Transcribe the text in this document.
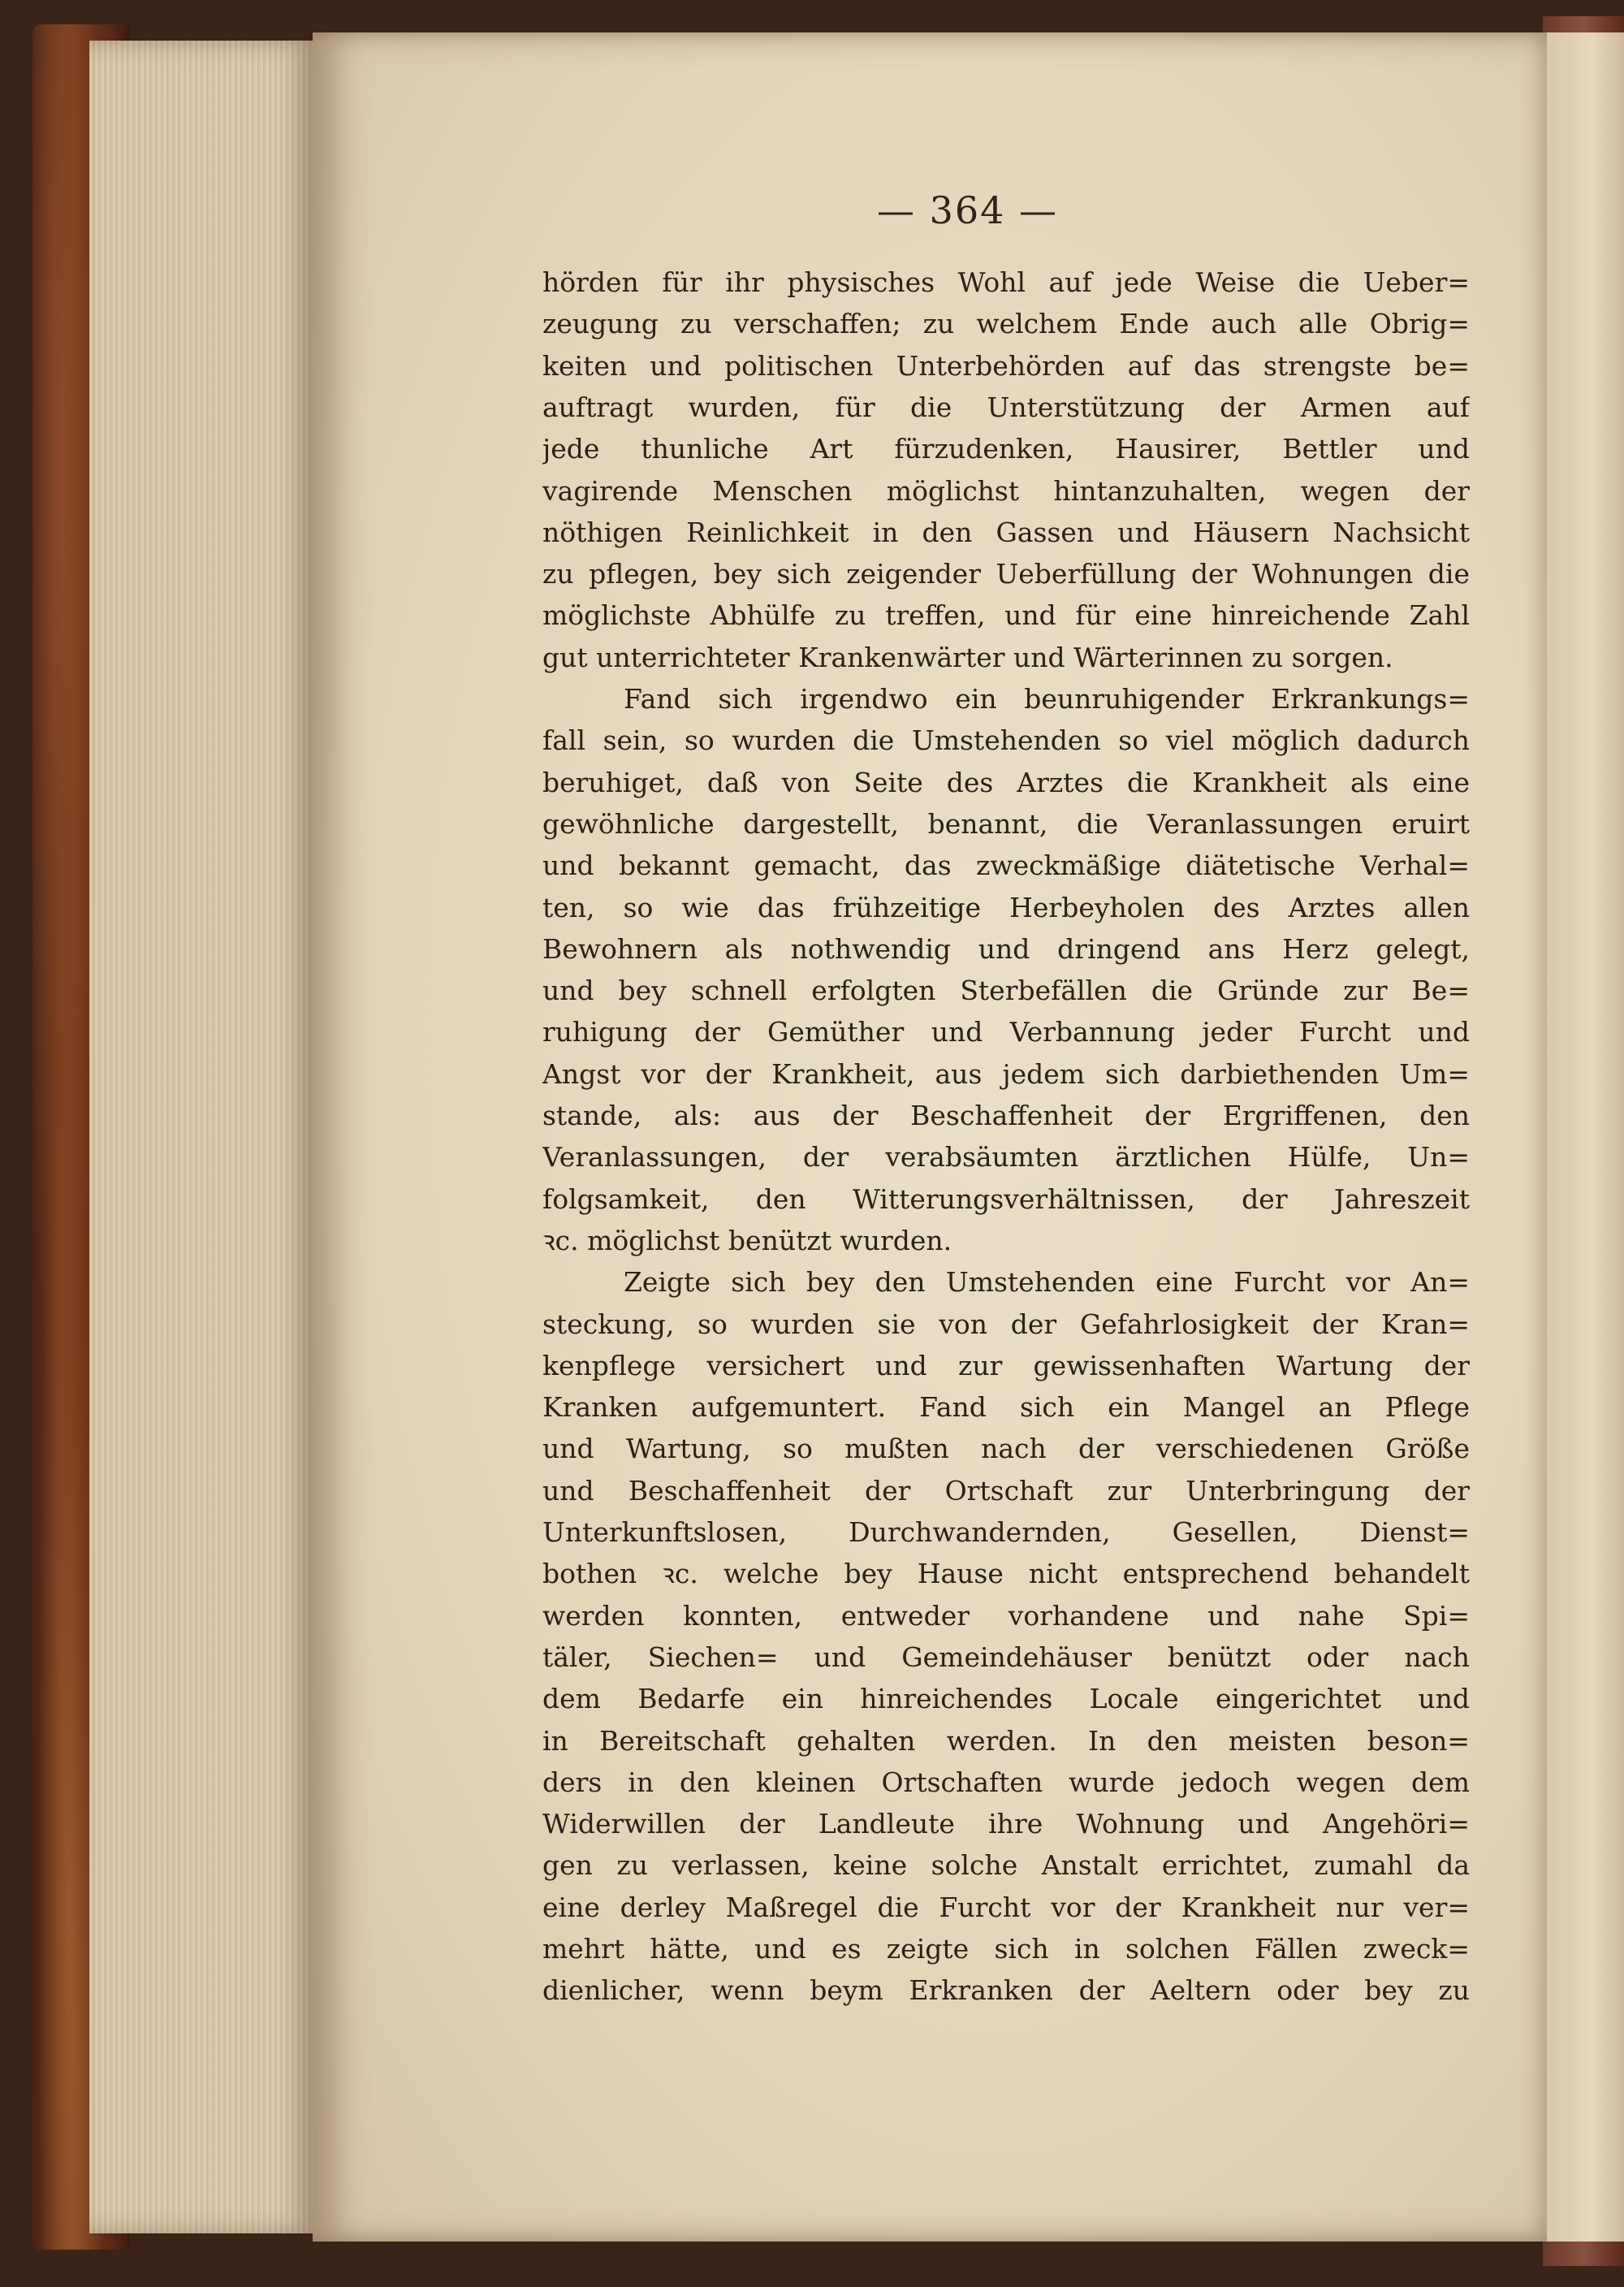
— 364 —
hörden für ihr physisches Wohl auf jede Weise die Ueber=
zeugung zu verschaffen; zu welchem Ende auch alle Obrig=
keiten und politischen Unterbehörden auf das strengste be=
auftragt wurden, für die Unterstützung der Armen auf
jede thunliche Art fürzudenken, Hausirer, Bettler und
vagirende Menschen möglichst hintanzuhalten, wegen der
nöthigen Reinlichkeit in den Gassen und Häusern Nachsicht
zu pflegen, bey sich zeigender Ueberfüllung der Wohnungen die
möglichste Abhülfe zu treffen, und für eine hinreichende Zahl
gut unterrichteter Krankenwärter und Wärterinnen zu sorgen.
Fand sich irgendwo ein beunruhigender Erkrankungs=
fall sein, so wurden die Umstehenden so viel möglich dadurch
beruhiget, daß von Seite des Arztes die Krankheit als eine
gewöhnliche dargestellt, benannt, die Veranlassungen eruirt
und bekannt gemacht, das zweckmäßige diätetische Verhal=
ten, so wie das frühzeitige Herbeyholen des Arztes allen
Bewohnern als nothwendig und dringend ans Herz gelegt,
und bey schnell erfolgten Sterbefällen die Gründe zur Be=
ruhigung der Gemüther und Verbannung jeder Furcht und
Angst vor der Krankheit, aus jedem sich darbiethenden Um=
stande, als: aus der Beschaffenheit der Ergriffenen, den
Veranlassungen, der verabsäumten ärztlichen Hülfe, Un=
folgsamkeit, den Witterungsverhältnissen, der Jahreszeit
ꝛc. möglichst benützt wurden.
Zeigte sich bey den Umstehenden eine Furcht vor An=
steckung, so wurden sie von der Gefahrlosigkeit der Kran=
kenpflege versichert und zur gewissenhaften Wartung der
Kranken aufgemuntert. Fand sich ein Mangel an Pflege
und Wartung, so mußten nach der verschiedenen Größe
und Beschaffenheit der Ortschaft zur Unterbringung der
Unterkunftslosen, Durchwandernden, Gesellen, Dienst=
bothen ꝛc. welche bey Hause nicht entsprechend behandelt
werden konnten, entweder vorhandene und nahe Spi=
täler, Siechen= und Gemeindehäuser benützt oder nach
dem Bedarfe ein hinreichendes Locale eingerichtet und
in Bereitschaft gehalten werden. In den meisten beson=
ders in den kleinen Ortschaften wurde jedoch wegen dem
Widerwillen der Landleute ihre Wohnung und Angehöri=
gen zu verlassen, keine solche Anstalt errichtet, zumahl da
eine derley Maßregel die Furcht vor der Krankheit nur ver=
mehrt hätte, und es zeigte sich in solchen Fällen zweck=
dienlicher, wenn beym Erkranken der Aeltern oder bey zu
